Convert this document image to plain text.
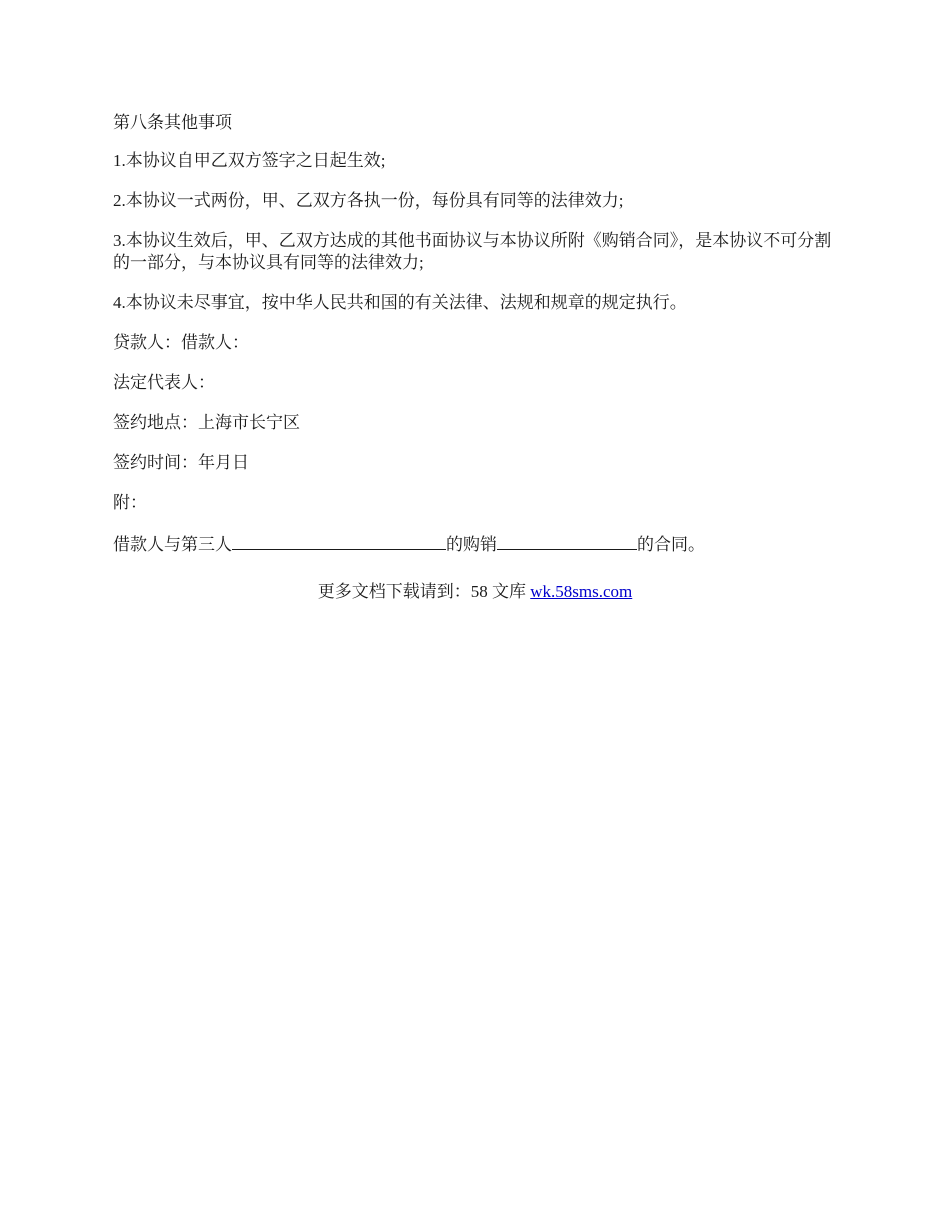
第八条其他事项

1.本协议自甲乙双方签字之日起生效;

2.本协议一式两份，甲、乙双方各执一份，每份具有同等的法律效力;

3.本协议生效后，甲、乙双方达成的其他书面协议与本协议所附《购销合同》，是本协议不可分割的一部分，与本协议具有同等的法律效力;

4.本协议未尽事宜，按中华人民共和国的有关法律、法规和规章的规定执行。

贷款人：借款人：

法定代表人：

签约地点：上海市长宁区

签约时间：年月日

附：

借款人与第三人	的购销	的合同。

更多文档下载请到：58 文库 wk.58sms.com
